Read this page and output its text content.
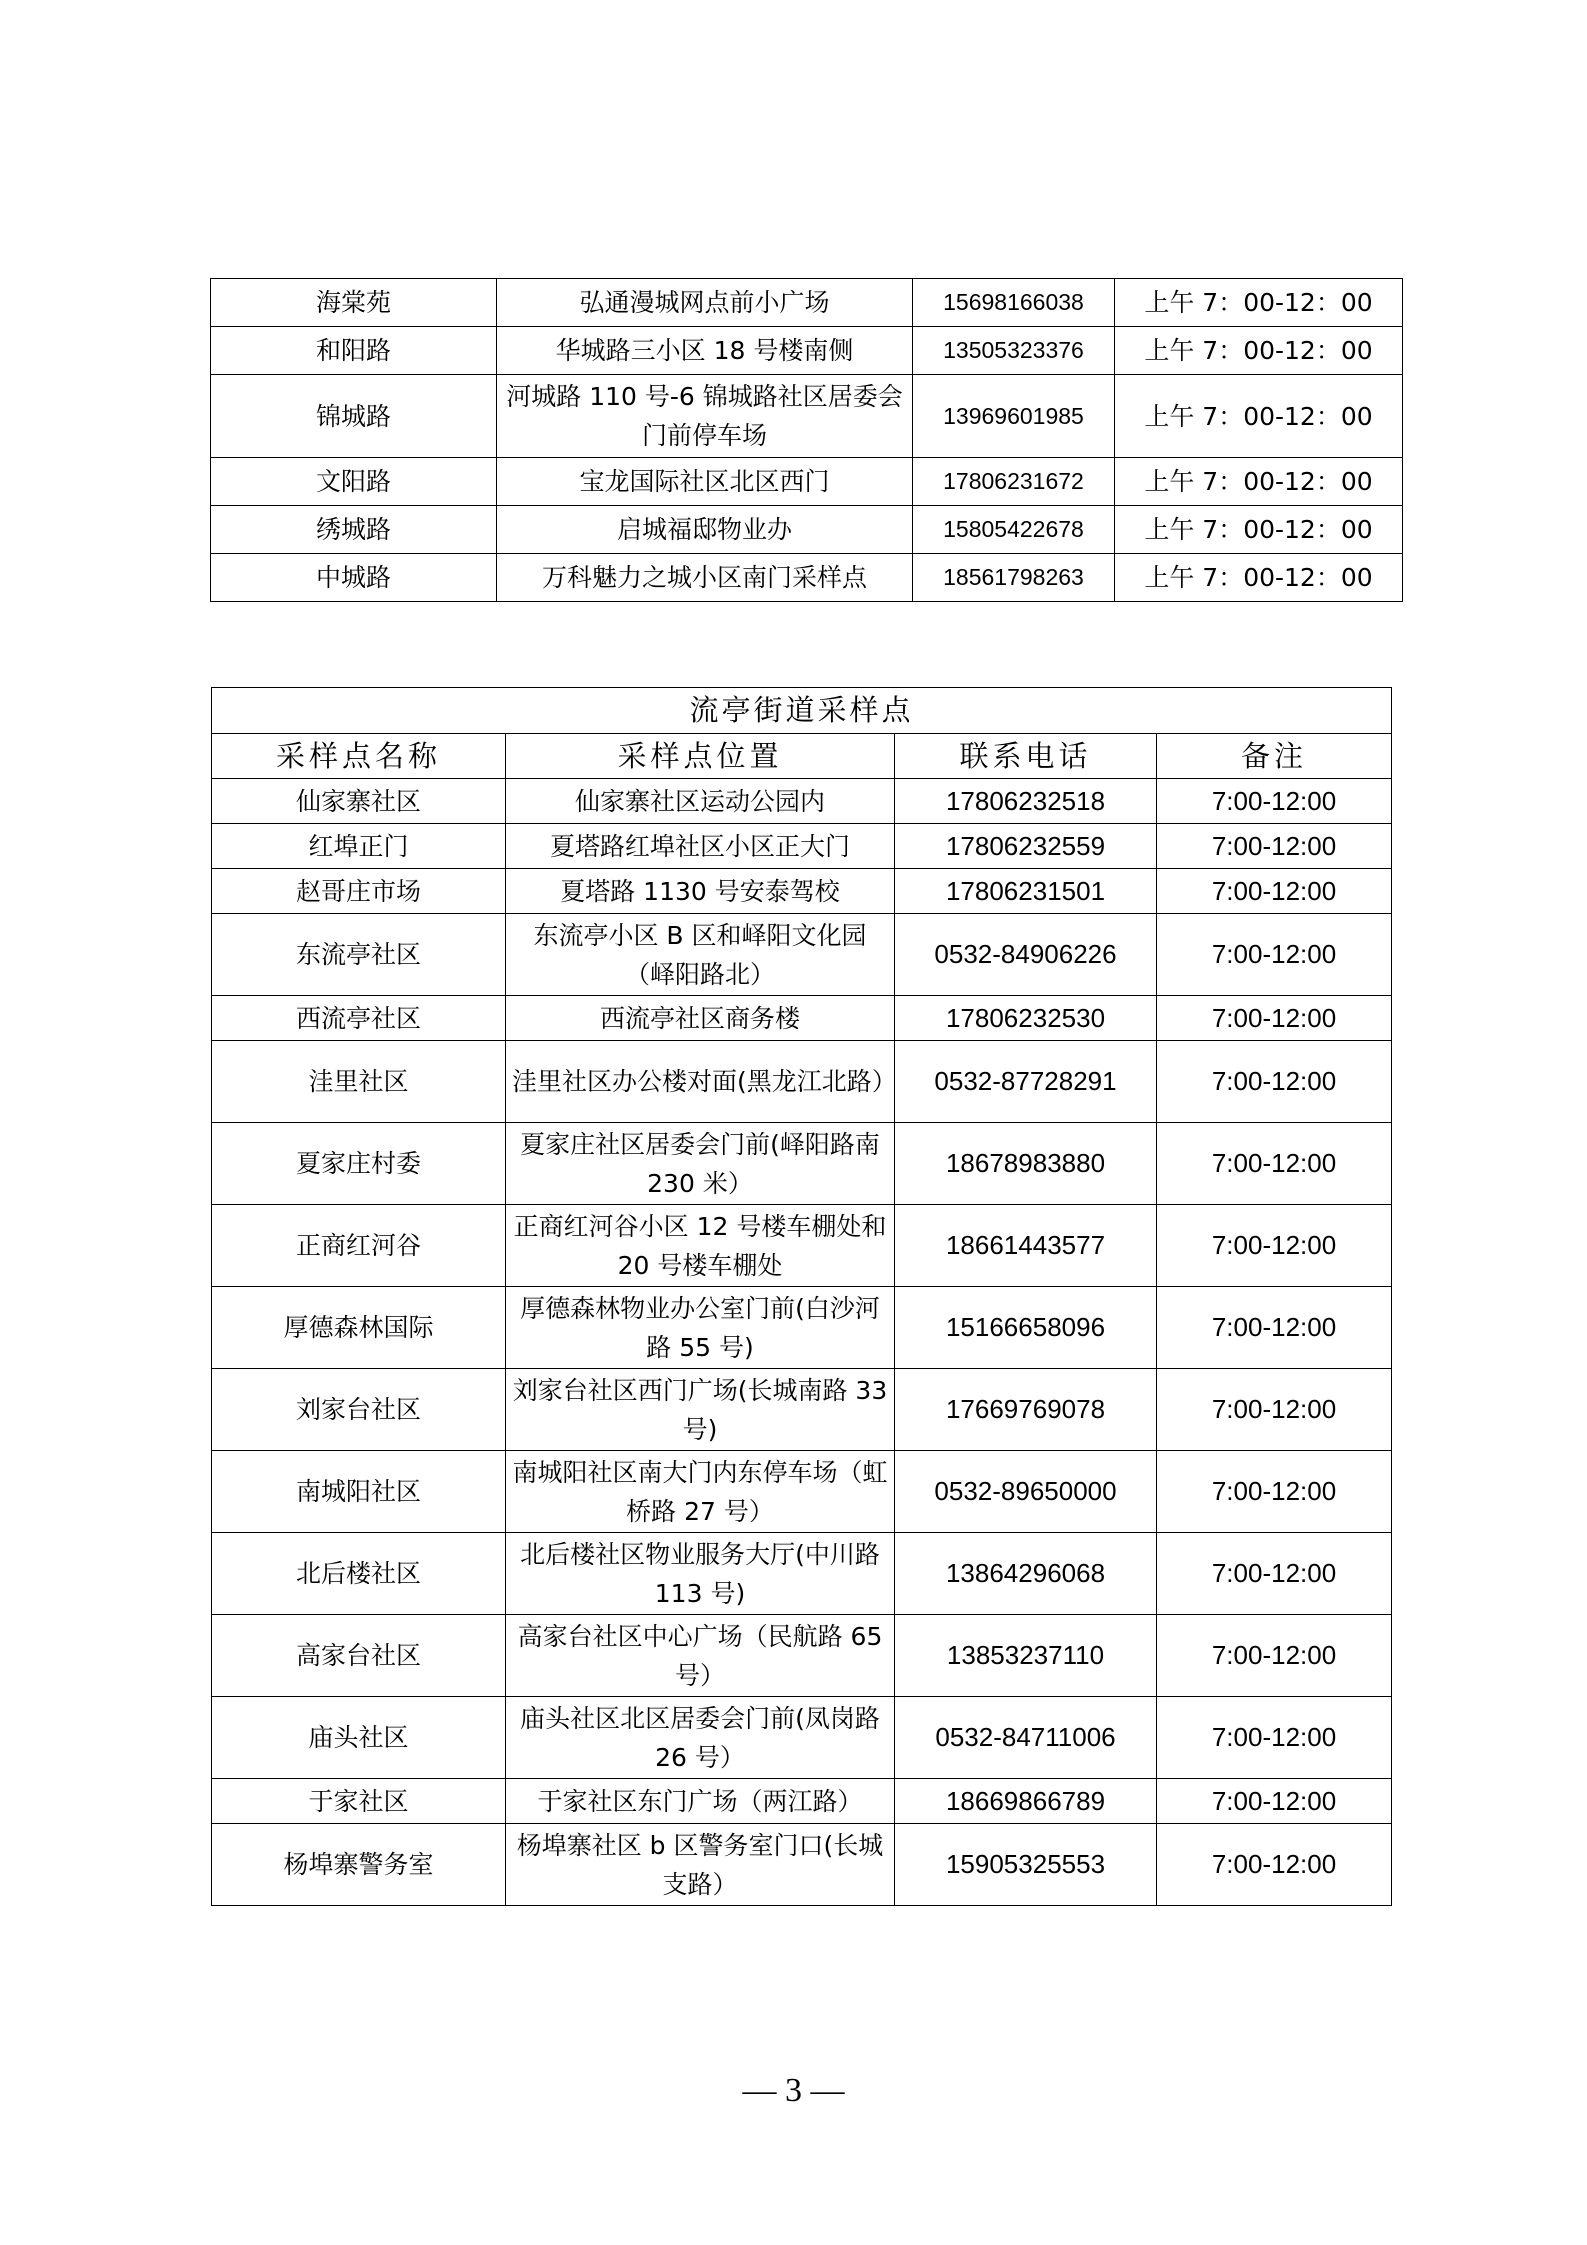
海棠苑	弘通漫城网点前小广场	15698166038	上午 7：00-12：00
和阳路	华城路三小区 18 号楼南侧	13505323376	上午 7：00-12：00
锦城路	河城路 110 号-6 锦城路社区居委会门前停车场	13969601985	上午 7：00-12：00
文阳路	宝龙国际社区北区西门	17806231672	上午 7：00-12：00
绣城路	启城福邸物业办	15805422678	上午 7：00-12：00
中城路	万科魅力之城小区南门采样点	18561798263	上午 7：00-12：00
流亭街道采样点			
采样点名称	采样点位置	联系电话	备注
仙家寨社区	仙家寨社区运动公园内	17806232518	7:00-12:00
红埠正门	夏塔路红埠社区小区正大门	17806232559	7:00-12:00
赵哥庄市场	夏塔路 1130 号安泰驾校	17806231501	7:00-12:00
东流亭社区	东流亭小区 B 区和峄阳文化园（峄阳路北）	0532-84906226	7:00-12:00
西流亭社区	西流亭社区商务楼	17806232530	7:00-12:00
洼里社区	洼里社区办公楼对面(黑龙江北路）	0532-87728291	7:00-12:00
夏家庄村委	夏家庄社区居委会门前(峄阳路南 230 米）	18678983880	7:00-12:00
正商红河谷	正商红河谷小区 12 号楼车棚处和 20 号楼车棚处	18661443577	7:00-12:00
厚德森林国际	厚德森林物业办公室门前(白沙河路 55 号)	15166658096	7:00-12:00
刘家台社区	刘家台社区西门广场(长城南路 33 号)	17669769078	7:00-12:00
南城阳社区	南城阳社区南大门内东停车场（虹桥路 27 号）	0532-89650000	7:00-12:00
北后楼社区	北后楼社区物业服务大厅(中川路 113 号)	13864296068	7:00-12:00
高家台社区	高家台社区中心广场（民航路 65 号）	13853237110	7:00-12:00
庙头社区	庙头社区北区居委会门前(凤岗路 26 号）	0532-84711006	7:00-12:00
于家社区	于家社区东门广场（两江路）	18669866789	7:00-12:00
杨埠寨警务室	杨埠寨社区 b 区警务室门口(长城支路）	15905325553	7:00-12:00
— 3 —
